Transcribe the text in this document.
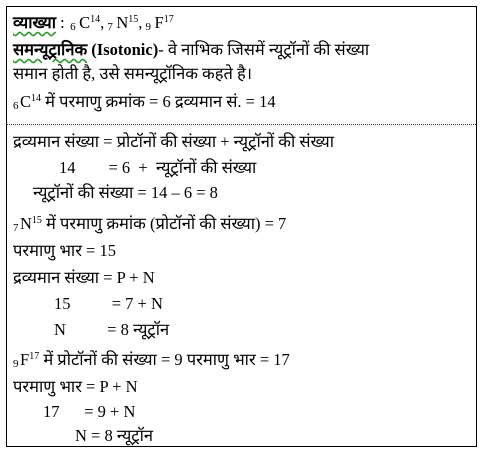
व्याख्या : 6 $C^{14}$, 7 $N^{15}$, 9 $F^{17}$
समन्यूट्रानिक (Isotonic)- वे नाभिक जिसमें न्यूट्रॉनों की संख्या
समान होती है, उसे समन्यूट्रॉनिक कहते है।
6 $C^{14}$ में परमाणु क्रमांक = 6 द्रव्यमान सं. = 14
द्रव्यमान संख्या = प्रोटॉनों की संख्या + न्यूट्रॉनों की संख्या
14        = 6  +  न्यूट्रॉनों की संख्या
न्यूट्रॉनों की संख्या = 14 – 6 = 8
7 $N^{15}$ में परमाणु क्रमांक (प्रोटॉनों की संख्या) = 7
परमाणु भार = 15
द्रव्यमान संख्या = P + N
15          = 7 + N
N          = 8 न्यूट्रॉन
9 $F^{17}$ में प्रोटॉनों की संख्या = 9 परमाणु भार = 17
परमाणु भार = P + N
17      = 9 + N
N = 8 न्यूट्रॉन
